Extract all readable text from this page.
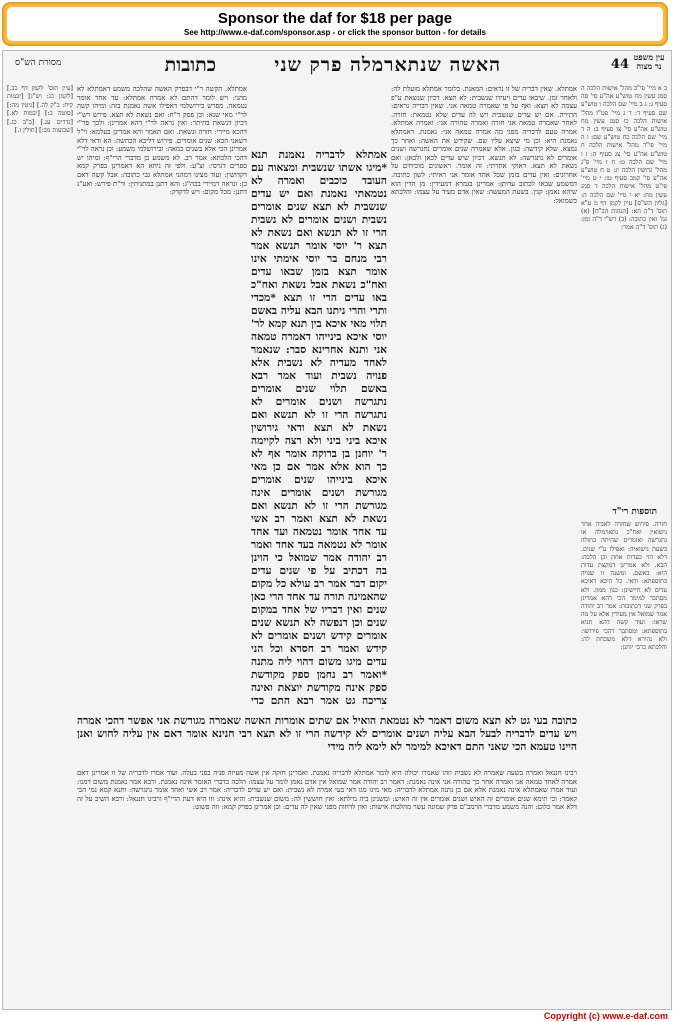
Sponsor the daf for $18 per page
See http://www.e-daf.com/sponsor.asp - or click the sponsor button - for details
עין משפט נר מצוה
44
האשה שנתארמלה פרק שני
כתובות
מסורת הש"ס

ב א מיי' פי"ב מהל' אישות הלכה ה סמג עשין מח טוש"ע אה"ע סי' סה סעיף ג: ג ב מיי' שם הלכה ו טוש"ע שם סעיף ד: ד ג מיי' פט"ז מהל' אישות הלכה כו סמג עשין מח טוש"ע אה"ע סי' צו סעיף ב: ה ד מיי' שם הלכה כח טוש"ע שם: ו ה מיי' פי"ד מהל' אישות הלכה ח טוש"ע אה"ע סי' צג סעיף ה: ז ו מיי' שם הלכה ט: ח ז מיי' פ"ג מהל' גרושין הלכה יג: ט ח טוש"ע אה"ע סי' קמב סעיף טו: י ט מיי' פי"ט מהל' אישות הלכה ד סמג עשין מח: יא י מיי' שם הלכה ה: [גליון הש"ס] עיין לקמן דף מ ע"א תוס' ד"ה הא: [הגהות הב"ח] (א) גמ' ואין כתובה: (ב) רש"י ד"ה ומן: (ג) תוס' ד"ה אמר:

תוספות רי"ד

חזרה. פירוש שחזרה לאביה אחר נישואין ואח"כ נתארמלה או נתגרשה ואומרים שהיתה בתולה בשעת נישואיה: ואפילו ע"י שנים. דלא הוי כעדות אחת וכן הלכה: הבא. ולא אמרינן דמקצת עדות היא: באשם. ומשנה זו שנויה בתוספתא: ודאי. כל היכא דאיכא עדים לא חיישינן: כנון ממון. ולא מסתבר למימר הכי דהא אמרינן בפרק שני דכתובות: אמר רב יהודה אמר שמואל אין מעידין אלא על מה שראו: ועוד קשה דהא תניא בתוספתא: ומסתבר דהכי פירושו: ולא נהירא דלא משכחת לה: והלכתא כרבי יוחנן:

אמתלא. שאין דבריה של זו נראים: המאנת. כלומר אמתלא מועלת לה: ולאחר זמן. שיבאו עדים ויעידו שנשבית: לא תצא. דכיון שנשאת ע"פ עצמה לא תצא: ואף על פי שאמרה טמאה אני. שאין דבריה נראים: התירה. אם יש עדים שנשבית ויש לה עדים שלא נטמאת: חזרה. לאחר שאמרה טמאה אני חזרה ואמרה טהורה אני: ואמרה אמתלא. אמרה טעם לדבריה מפני מה אמרה טמאה אני: נאמנת. דאמתלא נאמנת היא: וכן מי שיצא עליו שם. שקידש את האשה: ואחר כך נמצא. שלא קידשה: כגון. אלא שאמרה שנים אומרים נתגרשה ושנים אומרים לא נתגרשה: לא תנשא. דכיון שיש עדים לכאן ולכאן: ואם נשאת לא תצא. דאוקי אתרתי: זה אומר. ראשונים מוכיחים על אחרונים: ואין עדים בזמן שכל אחד אומר אני ראיתי: לשון כתיבה. דמשמע שבאו לכתוב עדותן: אמרינן בגמרא דמעידין: מן הדין הוא שיהא נאמן: קנין. בשעת המעשה: שאין אדם מעיד על עצמו: והלכתא כשמואל:

אמתלא לדבריה נאמנת תנא *מיגו אשתו שנשבית ומצאוה עם העובד כוכבים ואמרה לא נטמאתי נאמנת ואם יש עדים שנשבית לא תצא שנים אומרים נשבית ושנים אומרים לא נשבית הרי זו לא תנשא ואם נשאת לא תצא ר' יוסי אומר תנשא אמר רבי מנחם בר יוסי אימתי אינו אומר תצא בזמן שבאו עדים ואח"כ נשאת אבל נשאת ואח"כ באו עדים הרי זו תצא *מכדי ותרי והרי ניתנו הבא עליה באשם תלוי מאי איכא בין תנא קמא לר' יוסי איכא בינייהו דאמרה טמאה אני ותנא אחרינא סבר: שנאמר לאחד מעדיה לא נשבית אלא פנויה נשבית ועוד אמר רבא באשם תלוי שנים אומרים נתגרשה ושנים אומרים לא נתגרשה הרי זו לא תנשא ואם נשאת לא תצא ודאי גירושין איכא ביני ביני ולא רצה לקיימה ר' יוחנן בן ברוקה אומר אף לא כך הוא אלא אמר אם כן מאי איכא בינייהו שנים אומרים מגורשת ושנים אומרים אינה מגורשת הרי זו לא תנשא ואם נשאת לא תצא ואמר רב אשי עד אחד אומר נטמאה ועד אחד אומר לא נטמאה בעד אחד ואמר רב יהודה אמר שמואל כי הוינן בה דכתיב על פי שנים עדים יקום דבר אמר רב עולא כל מקום שהאמינה תורה עד אחד הרי כאן שנים ואין דבריו של אחד במקום שנים וכן דנפשה לא תנשא שנים אומרים קידש ושנים אומרים לא קידש ואמר רב חסדא וכל הני עדים מיגו משום דהוי ליה מתנה *ואמר רב נחמן ספק מקודשת ספק אינה מקודשת יוצאת ואינה צריכה גט אמר רבא התם כדי

אמתלא. הקשה ר"י דבפרק האשה שהלכה משמע דאמתלא לא מהני: ויש לומר דהתם לא אמרה אמתלא: עד אחד אומר נטמאה. מפרש בירושלמי דאפילו אשה נאמנת בזה: ומיהו קשה לר"י מאי שנא: וכן פסק ר"ח: ואם נשאת לא תצא. פירש רש"י דכיון דנשאת בהיתר: ואין נראה לר"י דהא אמרינן: ולכך פר"י דהכא מיירי: חזרה ונשאת. ואם תאמר והא אמרינן בעלמא: וי"ל דשאני הכא: שנים אומרים. פירוש דליכא הכחשה: הא ודאי דלא אמרינן הכי אלא בשנים כמאה: ובירושלמי משמע: וכן נראה לר"י דהכי הלכתא: אמר רב. לא משמע כן מדברי הרי"ף: ומיהו יש ספרים דגרסי: וצ"ע: ולפי זה ניחא הא דאמרינן בפרק קמא דקדושין: ועוד מצינו דמהני אמתלא גבי כתובה: אבל קשה דאם כן: ונראה דמיירי בכה"ג: והא דתנן במתניתין: ור"ת פירש: ואע"ג דתנן: מכל מקום: ויש לדקדק:

[עיין תוס' לקמן דף כב.] [לקמן כג: וש"נ] [יבמות קיח: ב"ק לה.] [גיטין מה:] [סוטה ב:] [יבמות לא.] [נדרים עג.] [ב"ב כג.] [שבועות מב:] [חולין ז.]

כתובה בעי גט לא תצא משום דאמר לא נטמאת הואיל אם שתים אומרות האשה שאמרה מגורשת אני אפשר דהכי אמרה ויש עדים לדבריה לבעל הבא עליה ושנים אומרים לא קידשה הרי זו לא תצא רבי חנינא אומר דאם אין עליה לחוש ואנן היינו טעמא הכי שאני התם דאיכא למימר לא לימא ליה מידי

רבינו חננאל ואמרה בשעה שאמרה לא נשבית וזהו שאמרו יכולה היא לומר אמתלא לדבריה נאמנת. ואמרינן חזקה אין אשה מעיזה פניה בפני בעלה. ועוד אמרו לדבריה של זו אמרינן דאם אמרה לאחד טמאה אני ואמרה אחר כך טהורה אני אינה נאמנת: דאמר רב יהודה אמר שמואל אין אדם נאמן לומר על עצמו: הלכה כדברי האומר אינה נאמנת. ורבא אמר נאמנת משום דמגו: ועוד אמרו שאמתלא אינה נאמנת אלא אם כן נתנה אמתלא לדבריה: מאי מיגו מגו דאי בעי אמרה לא נשבית: ואם יש עדים לדבריה: אמר רב אשי ואחד אומר נתגרשה: ותנא קמא נמי הכי קאמר: וכי תימא שנים אומרים זה האיש ושנים אומרים אין זה האיש: ומשנינן ביה מילתא: ואין חוששין לה: משום שנשבית: והיא אינה: וזו היא דעת הרי"ף ורבינו חננאל: ורבא השיב על זה דלא אמר כלום: והנה משמע מדברי הרמב"ם פרק שמונה עשר מהלכות אישות: ואין לדחות מפני שאין לה עדים: וכן אמרינן בפרק קמא: וזה פשוט:

Copyright (c) www.e-daf.com
